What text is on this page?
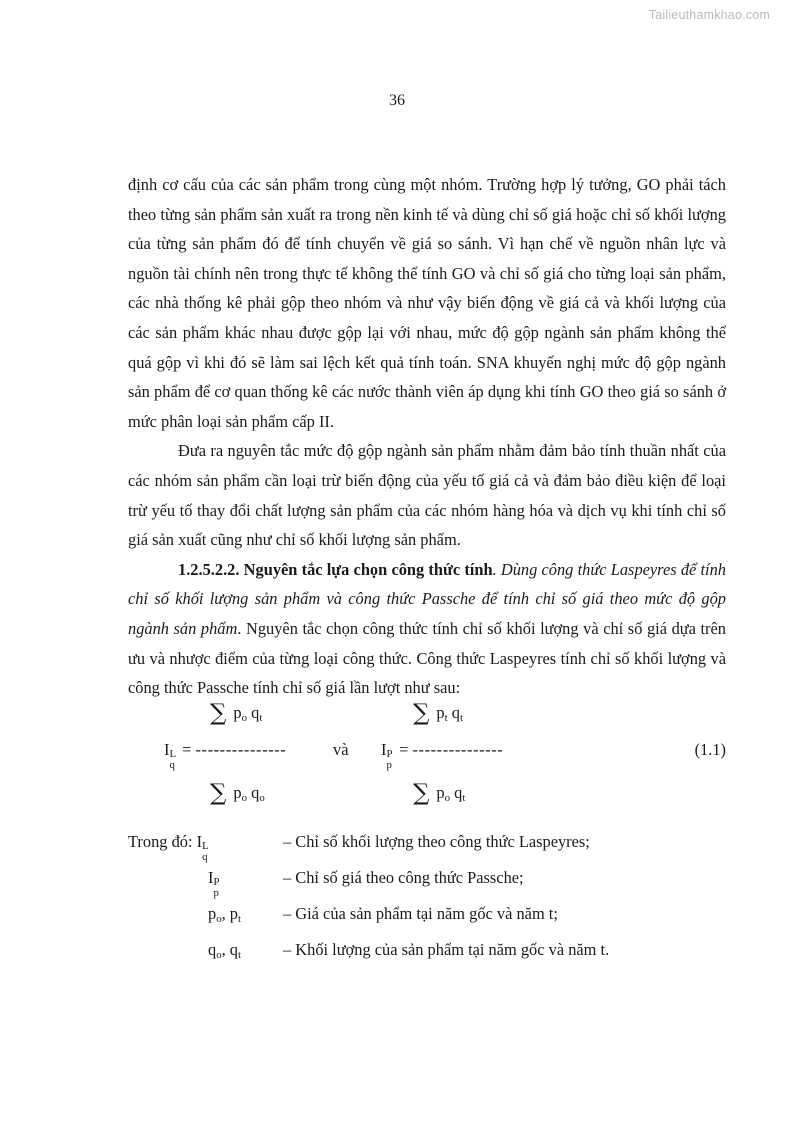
Tailieuthamkhao.com
36

định cơ cấu của các sản phẩm trong cùng một nhóm. Trường hợp lý tưởng, GO phải tách theo từng sản phẩm sản xuất ra trong nền kinh tế và dùng chỉ số giá hoặc chỉ số khối lượng của từng sản phẩm đó để tính chuyển về giá so sánh. Vì hạn chế về nguồn nhân lực và nguồn tài chính nên trong thực tế không thể tính GO và chỉ số giá cho từng loại sản phẩm, các nhà thống kê phải gộp theo nhóm và như vậy biến động về giá cả và khối lượng của các sản phẩm khác nhau được gộp lại với nhau, mức độ gộp ngành sản phẩm không thể quá gộp vì khi đó sẽ làm sai lệch kết quả tính toán. SNA khuyến nghị mức độ gộp ngành sản phẩm để cơ quan thống kê các nước thành viên áp dụng khi tính GO theo giá so sánh ở mức phân loại sản phẩm cấp II.

Đưa ra nguyên tắc mức độ gộp ngành sản phẩm nhằm đảm bảo tính thuần nhất của các nhóm sản phẩm cần loại trừ biến động của yếu tố giá cả và đảm bảo điều kiện để loại trừ yếu tố thay đổi chất lượng sản phẩm của các nhóm hàng hóa và dịch vụ khi tính chỉ số giá sản xuất cũng như chỉ số khối lượng sản phẩm.

1.2.5.2.2. Nguyên tắc lựa chọn công thức tính. Dùng công thức Laspeyres để tính chỉ số khối lượng sản phẩm và công thức Passche để tính chỉ số giá theo mức độ gộp ngành sản phẩm. Nguyên tắc chọn công thức tính chỉ số khối lượng và chỉ số giá dựa trên ưu và nhược điểm của từng loại công thức. Công thức Laspeyres tính chỉ số khối lượng và công thức Passche tính chỉ số giá lần lượt như sau:

∑ $p_o$ $q_t$	∑ $p_t$ $q_t$
I L
q
= ---------------	và I P
p
= ---------------	(1.1)
∑ $p_o$ $q_o$	∑ $p_o$ $q_t$
Trong đó: I L
q
– Chỉ số khối lượng theo công thức Laspeyres;
I P
p
– Chỉ số giá theo công thức Passche;
$p_o$, $p_t$	– Giá của sản phẩm tại năm gốc và năm t;
$q_o$, $q_t$	– Khối lượng của sản phẩm tại năm gốc và năm t.
